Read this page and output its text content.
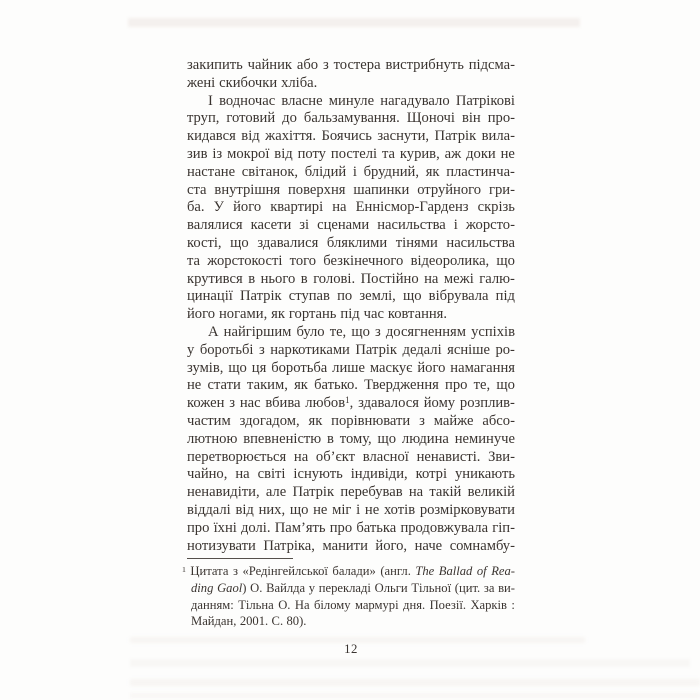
закипить чайник або з тостера вистрибнуть підсма-
жені скибочки хліба.
І водночас власне минуле нагадувало Патрікові
труп, готовий до бальзамування. Щоночі він про-
кидався від жахіття. Боячись заснути, Патрік вила-
зив із мокрої від поту постелі та курив, аж доки не
настане світанок, блідий і брудний, як пластинча-
ста внутрішня поверхня шапинки отруйного гри-
ба. У його квартирі на Еннісмор-Гарденз скрізь
валялися касети зі сценами насильства і жорсто-
кості, що здавалися бляклими тінями насильства
та жорстокості того безкінечного відеоролика, що
крутився в нього в голові. Постійно на межі галю-
цинації Патрік ступав по землі, що вібрувала під
його ногами, як гортань під час ковтання.
А найгіршим було те, що з досягненням успіхів
у боротьбі з наркотиками Патрік дедалі ясніше ро-
зумів, що ця боротьба лише маскує його намагання
не стати таким, як батько. Твердження про те, що
кожен з нас вбива любов$^1$, здавалося йому розплив-
частим здогадом, як порівнювати з майже абсо-
лютною впевненістю в тому, що людина неминуче
перетворюється на об’єкт власної ненависті. Зви-
чайно, на світі існують індивіди, котрі уникають
ненавидіти, але Патрік перебував на такій великій
віддалі від них, що не міг і не хотів розмірковувати
про їхні долі. Пам’ять про батька продовжувала гіп-
нотизувати Патріка, манити його, наче сомнамбу-
$^1$ Цитата з «Редінгейлської балади» (англ. The Ballad of Rea-
ding Gaol) О. Вайлда у перекладі Ольги Тільної (цит. за ви-
данням: Тільна О. На білому мармурі дня. Поезії. Харків :
Майдан, 2001. С. 80).
12
